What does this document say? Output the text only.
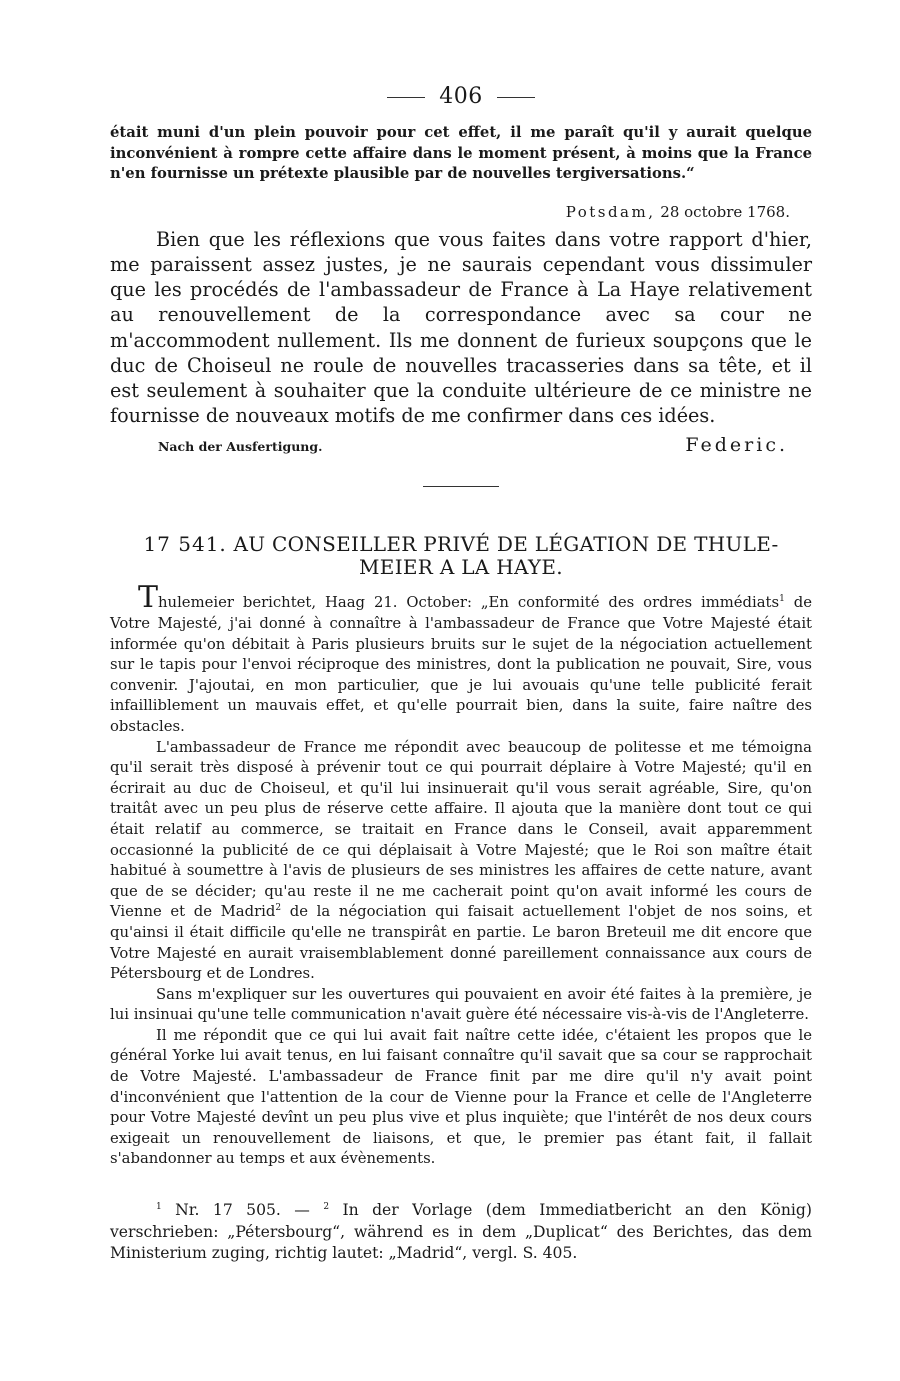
406

était muni d'un plein pouvoir pour cet effet, il me paraît qu'il y aurait quelque inconvénient à rompre cette affaire dans le moment présent, à moins que la France n'en fournisse un prétexte plausible par de nouvelles tergiversations.“

Potsdam, 28 octobre 1768.

Bien que les réflexions que vous faites dans votre rapport d'hier, me paraissent assez justes, je ne saurais cependant vous dissimuler que les procédés de l'ambassadeur de France à La Haye relativement au renouvellement de la correspondance avec sa cour ne m'accommodent nullement. Ils me donnent de furieux soupçons que le duc de Choiseul ne roule de nouvelles tracasseries dans sa tête, et il est seulement à souhaiter que la conduite ultérieure de ce ministre ne fournisse de nouveaux motifs de me confirmer dans ces idées.

Nach der Ausfertigung.	Federic.
17 541. AU CONSEILLER PRIVÉ DE LÉGATION DE THULE-
MEIER A LA HAYE.

Thulemeier berichtet, Haag 21. October: „En conformité des ordres immédiats$^1$ de Votre Majesté, j'ai donné à connaître à l'ambassadeur de France que Votre Majesté était informée qu'on débitait à Paris plusieurs bruits sur le sujet de la négociation actuellement sur le tapis pour l'envoi réciproque des ministres, dont la publication ne pouvait, Sire, vous convenir. J'ajoutai, en mon particulier, que je lui avouais qu'une telle publicité ferait infailliblement un mauvais effet, et qu'elle pourrait bien, dans la suite, faire naître des obstacles.

L'ambassadeur de France me répondit avec beaucoup de politesse et me témoigna qu'il serait très disposé à prévenir tout ce qui pourrait déplaire à Votre Majesté; qu'il en écrirait au duc de Choiseul, et qu'il lui insinuerait qu'il vous serait agréable, Sire, qu'on traitât avec un peu plus de réserve cette affaire. Il ajouta que la manière dont tout ce qui était relatif au commerce, se traitait en France dans le Conseil, avait apparemment occasionné la publicité de ce qui déplaisait à Votre Majesté; que le Roi son maître était habitué à soumettre à l'avis de plusieurs de ses ministres les affaires de cette nature, avant que de se décider; qu'au reste il ne me cacherait point qu'on avait informé les cours de Vienne et de Madrid$^2$ de la négociation qui faisait actuellement l'objet de nos soins, et qu'ainsi il était difficile qu'elle ne transpirât en partie. Le baron Breteuil me dit encore que Votre Majesté en aurait vraisemblablement donné pareillement connaissance aux cours de Pétersbourg et de Londres.

Sans m'expliquer sur les ouvertures qui pouvaient en avoir été faites à la première, je lui insinuai qu'une telle communication n'avait guère été nécessaire vis-à-vis de l'Angleterre.

Il me répondit que ce qui lui avait fait naître cette idée, c'étaient les propos que le général Yorke lui avait tenus, en lui faisant connaître qu'il savait que sa cour se rapprochait de Votre Majesté. L'ambassadeur de France finit par me dire qu'il n'y avait point d'inconvénient que l'attention de la cour de Vienne pour la France et celle de l'Angleterre pour Votre Majesté devînt un peu plus vive et plus inquiète; que l'intérêt de nos deux cours exigeait un renouvellement de liaisons, et que, le premier pas étant fait, il fallait s'abandonner au temps et aux évènements.

$^1$ Nr. 17 505. — $^2$ In der Vorlage (dem Immediatbericht an den König) verschrieben: „Pétersbourg“, während es in dem „Duplicat“ des Berichtes, das dem Ministerium zuging, richtig lautet: „Madrid“, vergl. S. 405.
